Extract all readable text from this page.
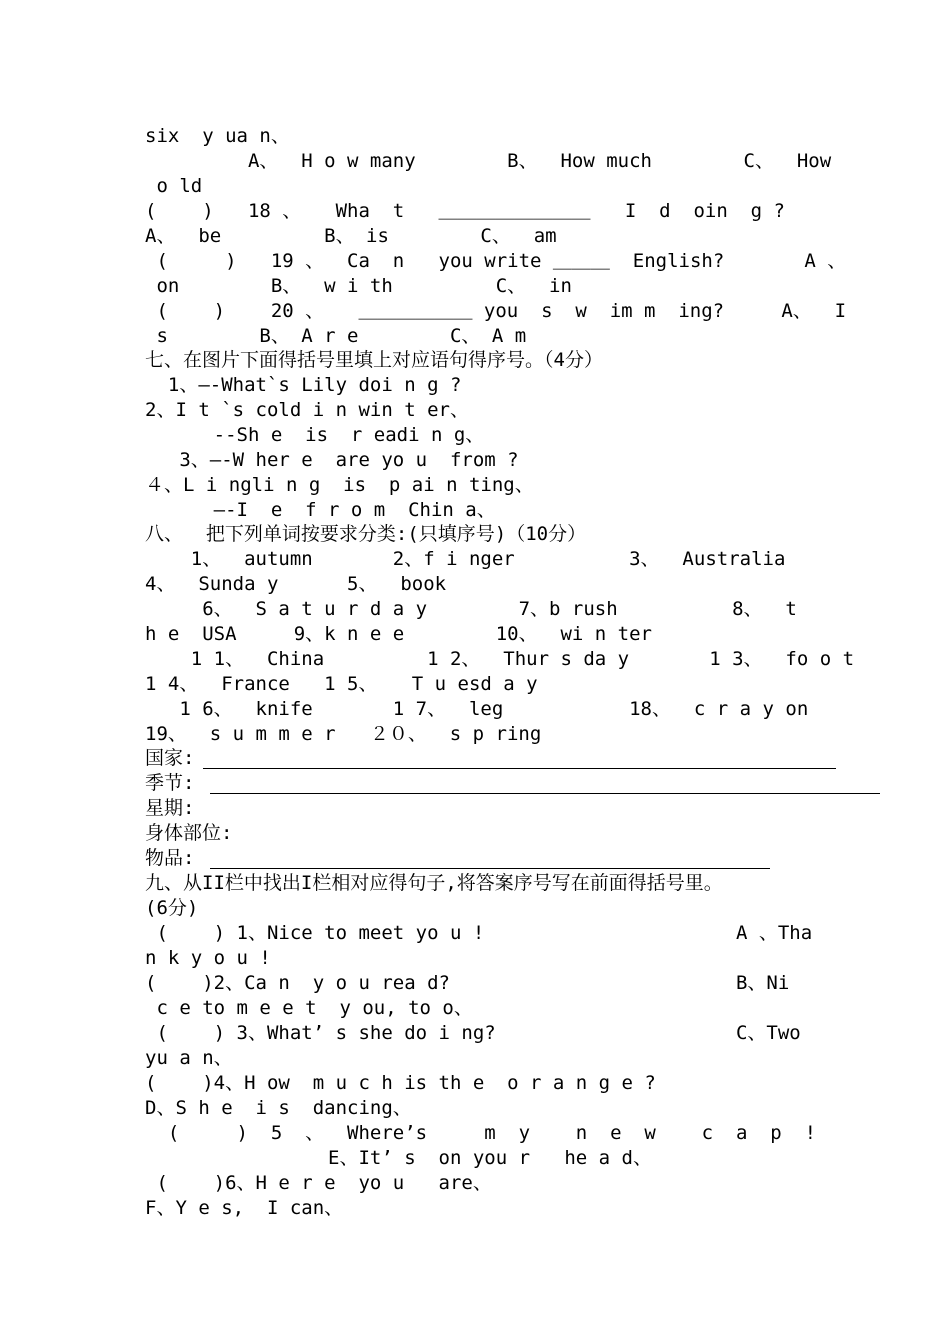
six  y ua n、
A、  H o w many        B、  How much        C、  How
o ld
(    )   18 、   Wha  t   ＿＿＿＿＿＿＿＿   I  d  oin  g ?
A、  be         B、 is        C、  am
(     )   19 、  Ca  n   you write ＿＿＿  English?       A 、
on        B、  w i th         C、  in
(    )    20 、   ＿＿＿＿＿＿ you  s  w  im m  ing?     A、  I
s        B、 A r e        C、 A m
七、在图片下面得括号里填上对应语句得序号。（4分）
1、—-What`s Lily doi n g ?
2、I t `s cold i n win t er、
--Sh e  is  r eadi n g、
3、—-W her e  are yo u  from ?
４、L i ngli n g  is  p ai n ting、
—-I  e  f r o m  Chin a、
八、  把下列单词按要求分类:(只填序号)（10分）
1、  autumn       2、f i nger          3、  Australia
4、  Sunda y      5、  book
6、  S a t u r d a y        7、b rush          8、  t
h e  USA     9、k n e e        10、  wi n ter
1 1、  China         1 2、  Thur s da y       1 3、  fo o t
1 4、  France   1 5、   T u esd a y
1 6、  knife       1 7、  leg           18、  c r a y on
19、  s u m m e r   ２０、  s p ring
国家:
季节:
星期:
身体部位:
物品:
九、从II栏中找出I栏相对应得句子,将答案序号写在前面得括号里。
(6分)
(    ) 1、Nice to meet yo u !                      A 、Tha
n k y o u !
(    )2、Ca n  y o u rea d?                         B、Ni
c e to m e e t  y ou, to o、
(    ) 3、What’ s she do i ng?                     C、Two
yu a n、
(    )4、H ow  m u c h is th e  o r a n g e ?
D、S h e  i s  dancing、
(     )  5  、  Where’s     m  y    n  e  w    c  a  p  !
E、It’ s  on you r   he a d、
(    )6、H e r e  yo u   are、
F、Y e s,  I can、
